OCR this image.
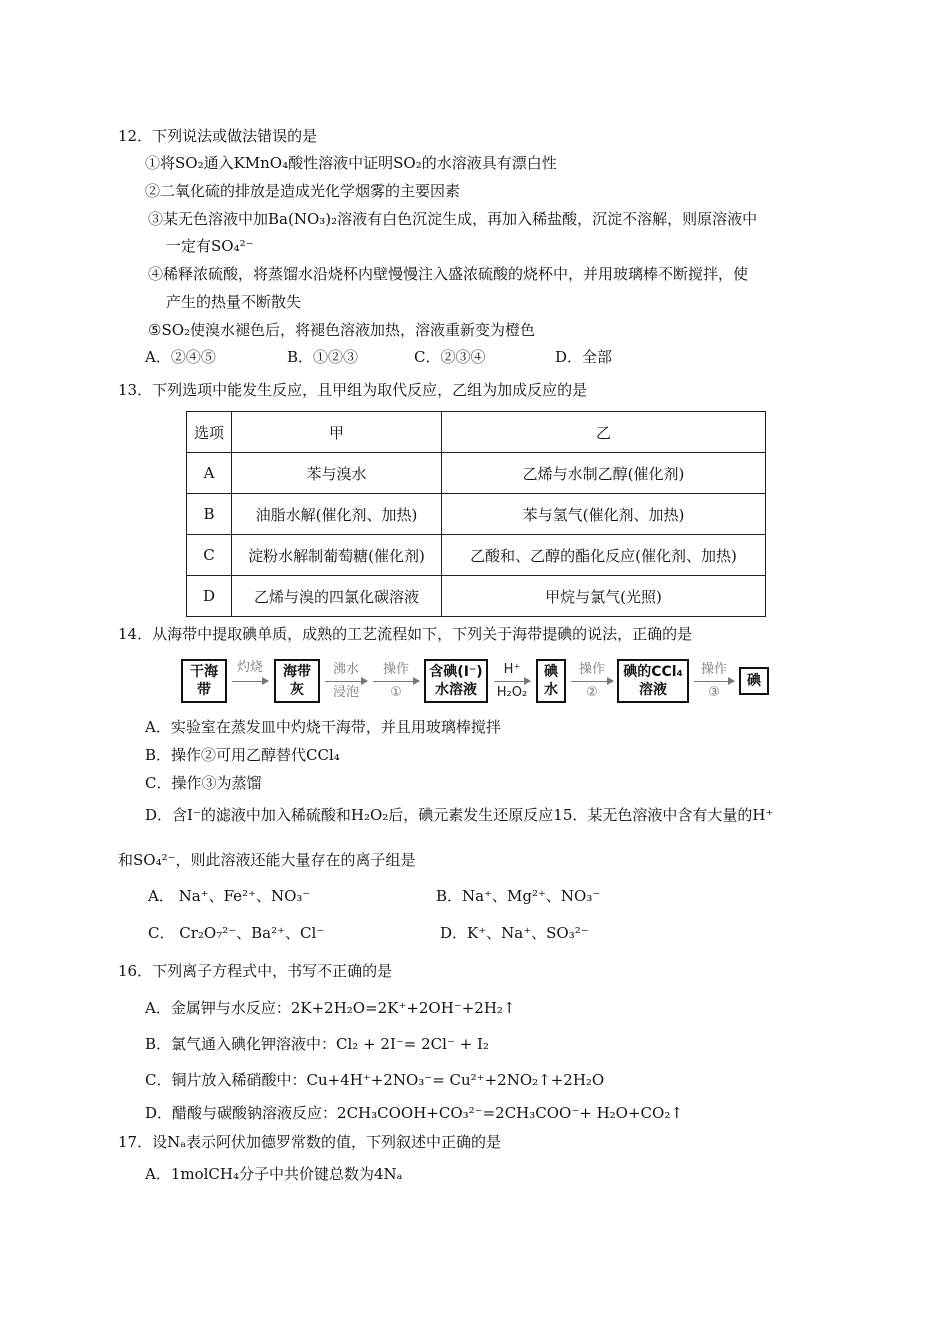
12．下列说法或做法错误的是
①将SO₂通入KMnO₄酸性溶液中证明SO₂的水溶液具有漂白性
②二氧化硫的排放是造成光化学烟雾的主要因素
③某无色溶液中加Ba(NO₃)₂溶液有白色沉淀生成，再加入稀盐酸，沉淀不溶解，则原溶液中
一定有SO₄²⁻
④稀释浓硫酸，将蒸馏水沿烧杯内壁慢慢注入盛浓硫酸的烧杯中，并用玻璃棒不断搅拌，使
产生的热量不断散失
⑤SO₂使溴水褪色后，将褪色溶液加热，溶液重新变为橙色
A．②④⑤	B．①②③	C．②③④	D．全部
13．下列选项中能发生反应，且甲组为取代反应，乙组为加成反应的是
选项	甲	乙
A	苯与溴水	乙烯与水制乙醇(催化剂)
B	油脂水解(催化剂、加热)	苯与氢气(催化剂、加热)
C	淀粉水解制葡萄糖(催化剂)	乙酸和、乙醇的酯化反应(催化剂、加热)
D	乙烯与溴的四氯化碳溶液	甲烷与氯气(光照)
14．从海带中提取碘单质，成熟的工艺流程如下，下列关于海带提碘的说法，正确的是
干海带
灼烧	海带灰
沸水
浸泡
操作
①
含碘(I⁻)
水溶液
H⁺
H₂O₂
碘水
操作
②
碘的CCl₄
溶液
操作
③
碘
A．实验室在蒸发皿中灼烧干海带，并且用玻璃棒搅拌
B．操作②可用乙醇替代CCl₄
C．操作③为蒸馏
D．含I⁻的滤液中加入稀硫酸和H₂O₂后，碘元素发生还原反应15．某无色溶液中含有大量的H⁺
和SO₄²⁻，则此溶液还能大量存在的离子组是
A． Na⁺、Fe²⁺、NO₃⁻	B．Na⁺、Mg²⁺、NO₃⁻
C． Cr₂O₇²⁻、Ba²⁺、Cl⁻	D．K⁺、Na⁺、SO₃²⁻
16．下列离子方程式中，书写不正确的是
A．金属钾与水反应：2K+2H₂O=2K⁺+2OH⁻+2H₂↑
B．氯气通入碘化钾溶液中：Cl₂ + 2I⁻= 2Cl⁻ + I₂
C．铜片放入稀硝酸中：Cu+4H⁺+2NO₃⁻= Cu²⁺+2NO₂↑+2H₂O
D．醋酸与碳酸钠溶液反应：2CH₃COOH+CO₃²⁻=2CH₃COO⁻+ H₂O+CO₂↑
17．设Nₐ表示阿伏加德罗常数的值，下列叙述中正确的是
A．1molCH₄分子中共价键总数为4Nₐ
